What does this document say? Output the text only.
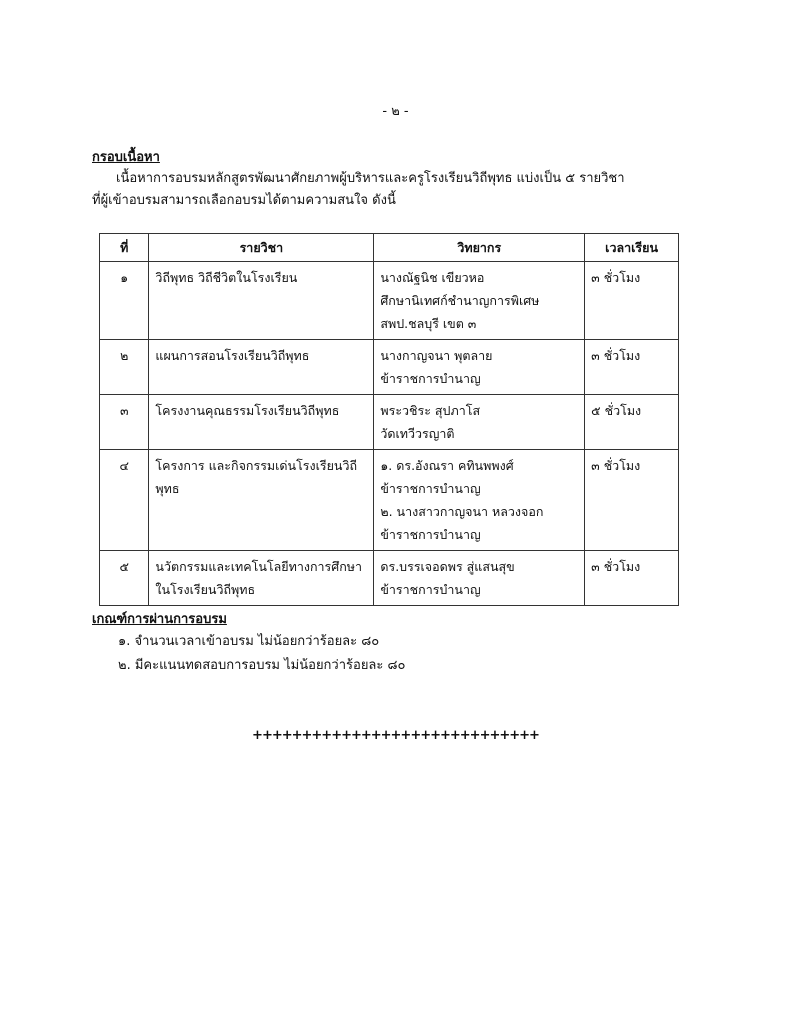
- ๒ -
กรอบเนื้อหา
เนื้อหาการอบรมหลักสูตรพัฒนาศักยภาพผู้บริหารและครูโรงเรียนวิถีพุทธ แบ่งเป็น ๕ รายวิชา
ที่ผู้เข้าอบรมสามารถเลือกอบรมได้ตามความสนใจ ดังนี้
ที่	รายวิชา	วิทยากร	เวลาเรียน
๑	วิถีพุทธ วิถีชีวิตในโรงเรียน	นางณัฐนิช เขียวหอ
ศึกษานิเทศก์ชำนาญการพิเศษ
สพป.ชลบุรี เขต ๓	๓ ชั่วโมง
๒	แผนการสอนโรงเรียนวิถีพุทธ	นางกาญจนา พุตลาย
ข้าราชการบำนาญ	๓ ชั่วโมง
๓	โครงงานคุณธรรมโรงเรียนวิถีพุทธ	พระวชิระ สุปภาโส
วัดเทวีวรญาติ	๕ ชั่วโมง
๔	โครงการ และกิจกรรมเด่นโรงเรียนวิถีพุทธ	๑. ดร.อังณรา คทินพพงศ์
ข้าราชการบำนาญ
๒. นางสาวกาญจนา หลวงจอก
ข้าราชการบำนาญ	๓ ชั่วโมง
๕	นวัตกรรมและเทคโนโลยีทางการศึกษาในโรงเรียนวิถีพุทธ	ดร.บรรเจอดพร สู่แสนสุข
ข้าราชการบำนาญ	๓ ชั่วโมง
เกณฑ์การผ่านการอบรม
๑. จำนวนเวลาเข้าอบรม ไม่น้อยกว่าร้อยละ ๘๐
๒. มีคะแนนทดสอบการอบรม ไม่น้อยกว่าร้อยละ ๘๐
+++++++++++++++++++++++++++++
